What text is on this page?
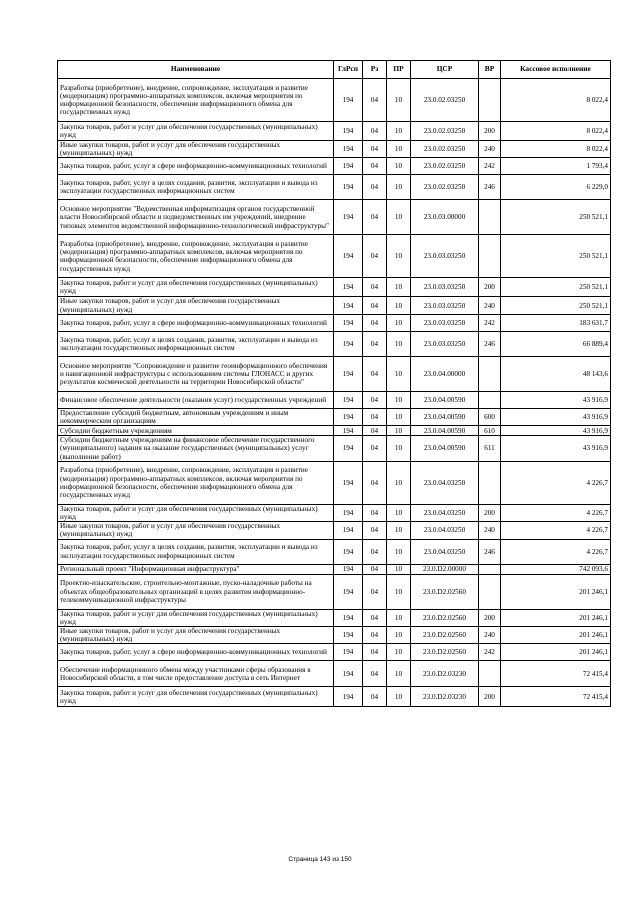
Наименование	ГлРсп	Рз	ПР	ЦСР	ВР	Кассовое исполнение
Разработка (приобретение), внедрение, сопровождение, эксплуатация и развитие (модернизация) программно-аппаратных комплексов, включая мероприятия по информационной безопасности, обеспечение информационного обмена для государственных нужд	194	04	10	23.0.02.03250		8 022,4
Закупка товаров, работ и услуг для обеспечения государственных (муниципальных) нужд	194	04	10	23.0.02.03250	200	8 022,4
Иные закупки товаров, работ и услуг для обеспечения государственных (муниципальных) нужд	194	04	10	23.0.02.03250	240	8 022,4
Закупка товаров, работ, услуг в сфере информационно-коммуникационных технологий	194	04	10	23.0.02.03250	242	1 793,4
Закупка товаров, работ, услуг в целях создания, развития, эксплуатации и вывода из эксплуатации государственных информационных систем	194	04	10	23.0.02.03250	246	6 229,0
Основное мероприятие "Ведомственная информатизация органов государственной власти Новосибирской области и подведомственных им учреждений, внедрение типовых элементов ведомственной информационно-технологической инфраструктуры"	194	04	10	23.0.03.00000		250 521,1
Разработка (приобретение), внедрение, сопровождение, эксплуатация и развитие (модернизация) программно-аппаратных комплексов, включая мероприятия по информационной безопасности, обеспечение информационного обмена для государственных нужд	194	04	10	23.0.03.03250		250 521,1
Закупка товаров, работ и услуг для обеспечения государственных (муниципальных) нужд	194	04	10	23.0.03.03250	200	250 521,1
Иные закупки товаров, работ и услуг для обеспечения государственных (муниципальных) нужд	194	04	10	23.0.03.03250	240	250 521,1
Закупка товаров, работ, услуг в сфере информационно-коммуникационных технологий	194	04	10	23.0.03.03250	242	183 631,7
Закупка товаров, работ, услуг в целях создания, развития, эксплуатации и вывода из эксплуатации государственных информационных систем	194	04	10	23.0.03.03250	246	66 889,4
Основное мероприятие "Сопровождение и развитие геоинформационного обеспечения и навигационной инфраструктуры с использованием системы ГЛОНАСС и других результатов космической деятельности на территории Новосибирской области"	194	04	10	23.0.04.00000		48 143,6
Финансовое обеспечение деятельности (оказания услуг) государственных учреждений	194	04	10	23.0.04.00590		43 916,9
Предоставление субсидий бюджетным, автономным учреждениям и иным некоммерческим организациям	194	04	10	23.0.04.00590	600	43 916,9
Субсидии бюджетным учреждениям	194	04	10	23.0.04.00590	610	43 916,9
Субсидии бюджетным учреждениям на финансовое обеспечение государственного (муниципального) задания на оказание государственных (муниципальных) услуг (выполнение работ)	194	04	10	23.0.04.00590	611	43 916,9
Разработка (приобретение), внедрение, сопровождение, эксплуатация и развитие (модернизация) программно-аппаратных комплексов, включая мероприятия по информационной безопасности, обеспечение информационного обмена для государственных нужд	194	04	10	23.0.04.03250		4 226,7
Закупка товаров, работ и услуг для обеспечения государственных (муниципальных) нужд	194	04	10	23.0.04.03250	200	4 226,7
Иные закупки товаров, работ и услуг для обеспечения государственных (муниципальных) нужд	194	04	10	23.0.04.03250	240	4 226,7
Закупка товаров, работ, услуг в целях создания, развития, эксплуатации и вывода из эксплуатации государственных информационных систем	194	04	10	23.0.04.03250	246	4 226,7
Региональный проект "Информационная инфраструктура"	194	04	10	23.0.D2.00000		742 093,6
Проектно-изыскательские, строительно-монтажные, пуско-наладочные работы на объектах общеобразовательных организаций в целях развития информационно-телекоммуникационной инфраструктуры	194	04	10	23.0.D2.02560		201 246,1
Закупка товаров, работ и услуг для обеспечения государственных (муниципальных) нужд	194	04	10	23.0.D2.02560	200	201 246,1
Иные закупки товаров, работ и услуг для обеспечения государственных (муниципальных) нужд	194	04	10	23.0.D2.02560	240	201 246,1
Закупка товаров, работ, услуг в сфере информационно-коммуникационных технологий	194	04	10	23.0.D2.02560	242	201 246,1
Обеспечение информационного обмена между участниками сферы образования в Новосибирской области, в том числе предоставление доступа в сеть Интернет	194	04	10	23.0.D2.03230		72 415,4
Закупка товаров, работ и услуг для обеспечения государственных (муниципальных) нужд	194	04	10	23.0.D2.03230	200	72 415,4
Страница 143 из 150
